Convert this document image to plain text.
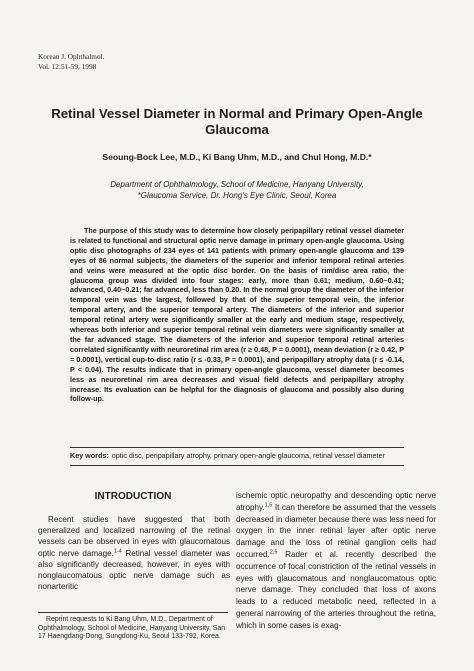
Korean J. Ophthalmol.
Vol. 12:51-59, 1998
Retinal Vessel Diameter in Normal and Primary Open-Angle
Glaucoma
Seoung-Bock Lee, M.D., Ki Bang Uhm, M.D., and Chul Hong, M.D.*
Department of Ophthalmology, School of Medicine, Hanyang University,
*Glaucoma Service, Dr. Hong's Eye Clinic, Seoul, Korea

The purpose of this study was to determine how closely peripapillary retinal vessel diameter is related to functional and structural optic nerve damage in primary open-angle glaucoma. Using optic disc photographs of 234 eyes of 141 patients with primary open-angle glaucoma and 139 eyes of 86 normal subjects, the diameters of the superior and inferior temporal retinal arteries and veins were measured at the optic disc border. On the basis of rim/disc area ratio, the glaucoma group was divided into four stages: early, more than 0.61; medium, 0.60~0.41; advanced, 0.40~0.21; far advanced, less than 0.20. In the normal group the diameter of the inferior temporal vein was the largest, followed by that of the superior temporal vein, the inferior temporal artery, and the superior temporal artery. The diameters of the inferior and superior temporal retinal artery were significantly smaller at the early and medium stage, respectively, whereas both inferior and superior temporal retinal vein diameters were significantly smaller at the far advanced stage. The diameters of the inferior and superior temporal retinal arteries correlated significantly with neuroretinal rim area (r ≥ 0.48, P = 0.0001), mean deviation (r ≥ 0.42, P = 0.0001), vertical cup-to-disc ratio (r ≤ -0.33, P = 0.0001), and peripapillary atrophy data (r ≤ -0.14, P < 0.04). The results indicate that in primary open-angle glaucoma, vessel diameter becomes less as neuroretinal rim area decreases and visual field defects and peripapillary atrophy increase. Its evaluation can be helpful for the diagnosis of glaucoma and possibly also during follow-up.

Key words: optic disc, peripapillary atrophy, primary open-angle glaucoma, retinal vessel diameter
INTRODUCTION

Recent studies have suggested that both generalized and localized narrowing of the retinal vessels can be observed in eyes with glaucomatous optic nerve damage.$^{1-4}$ Retinal vessel diameter was also significantly decreased, however, in eyes with nonglaucomatous optic nerve damage such as nonarteritic

ischemic optic neuropathy and descending optic nerve atrophy.$^{1,5}$ It can therefore be assumed that the vessels decreased in diameter because there was less need for oxygen in the inner retinal layer after optic nerve damage and the loss of retinal ganglion cells had occurred.$^{2,5}$ Rader et al. recently described the occurrence of focal constriction of the retinal vessels in eyes with glaucomatous and nonglaucomatous optic nerve damage. They concluded that loss of axons leads to a reduced metabolic need, reflected in a general narrowing of the arteries throughout the retina, which in some cases is exag-

Reprint requests to Ki Bang Uhm, M.D., Department of Ophthalmology, School of Medicine, Hanyang University, San 17 Haengdang-Dong, Sungdong-Ku, Seoul 133-792, Korea.
